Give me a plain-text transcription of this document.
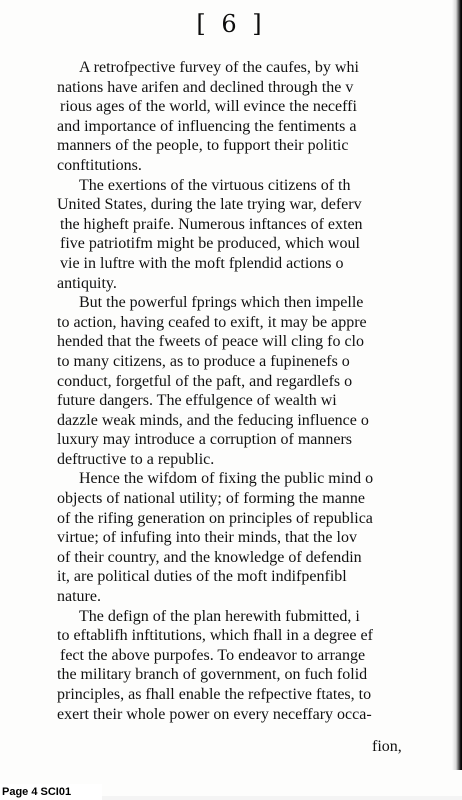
[ 6 ]
A retrofpective furvey of the caufes, by whi
nations have arifen and declined through the v
rious ages of the world, will evince the neceffi
and importance of influencing the fentiments a
manners of the people, to fupport their politic
conftitutions.
The exertions of the virtuous citizens of th
United States, during the late trying war, deferv
the higheft praife. Numerous inftances of exten
five patriotifm might be produced, which woul
vie in luftre with the moft fplendid actions o
antiquity.
But the powerful fprings which then impelle
to action, having ceafed to exift, it may be appre
hended that the fweets of peace will cling fo clo
to many citizens, as to produce a fupinenefs o
conduct, forgetful of the paft, and regardlefs o
future dangers. The effulgence of wealth wi
dazzle weak minds, and the feducing influence o
luxury may introduce a corruption of manners
deftructive to a republic.
Hence the wifdom of fixing the public mind o
objects of national utility; of forming the manne
of the rifing generation on principles of republica
virtue; of infufing into their minds, that the lov
of their country, and the knowledge of defendin
it, are political duties of the moft indifpenfibl
nature.
The defign of the plan herewith fubmitted, i
to eftablifh inftitutions, which fhall in a degree ef
fect the above purpofes. To endeavor to arrange
the military branch of government, on fuch folid
principles, as fhall enable the refpective ftates, to
exert their whole power on every neceffary occa-
fion,
Page 4 SCI01
